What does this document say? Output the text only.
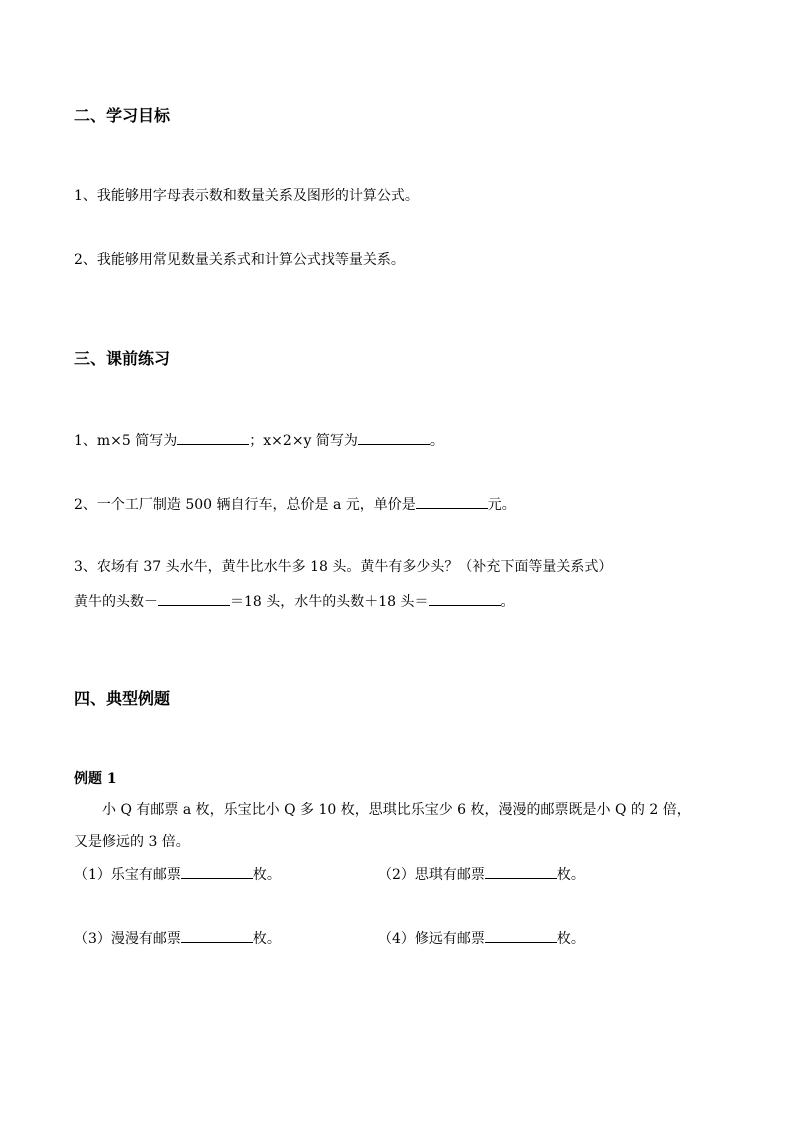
二、学习目标
1、我能够用字母表示数和数量关系及图形的计算公式。
2、我能够用常见数量关系式和计算公式找等量关系。
三、课前练习
1、m×5 简写为	；x×2×y 简写为	。
2、一个工厂制造 500 辆自行车，总价是 a 元，单价是	元。
3、农场有 37 头水牛，黄牛比水牛多 18 头。黄牛有多少头？（补充下面等量关系式）
黄牛的头数－	＝18 头，水牛的头数＋18 头＝	。
四、典型例题
例题 1
小 Q 有邮票 a 枚，乐宝比小 Q 多 10 枚，思琪比乐宝少 6 枚，漫漫的邮票既是小 Q 的 2 倍，
又是修远的 3 倍。
（1）乐宝有邮票	枚。	（2）思琪有邮票	枚。
（3）漫漫有邮票	枚。	（4）修远有邮票	枚。
